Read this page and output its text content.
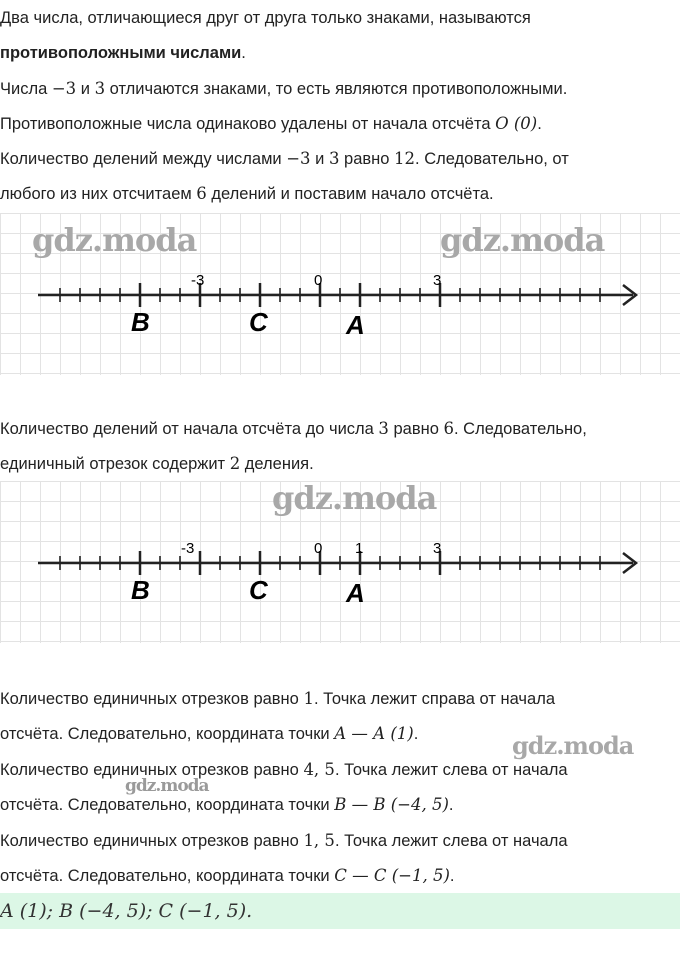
Два числа, отличающиеся друг от друга только знаками, называются
противоположными числами.
Числа −3 и 3 отличаются знаками, то есть являются противоположными.
Противоположные числа одинаково удалены от начала отсчёта O (0).
Количество делений между числами −3 и 3 равно 12. Следовательно, от
любого из них отсчитаем 6 делений и поставим начало отсчёта.
gdz.moda	gdz.moda
-3	0	3
B	C	A
Количество делений от начала отсчёта до числа 3 равно 6. Следовательно,
единичный отрезок содержит 2 деления.
gdz.moda
-3	0 1	3
B	C	A
Количество единичных отрезков равно 1. Точка лежит справа от начала
отсчёта. Следовательно, координата точки A — A (1).	gdz.moda
Количество единичных отрезков равно 4, 5. Точка лежит слева от начала
gdz.moda
отсчёта. Следовательно, координата точки B — B (−4, 5).
Количество единичных отрезков равно 1, 5. Точка лежит слева от начала
отсчёта. Следовательно, координата точки C — C (−1, 5).
A (1); B (−4, 5); C (−1, 5).
